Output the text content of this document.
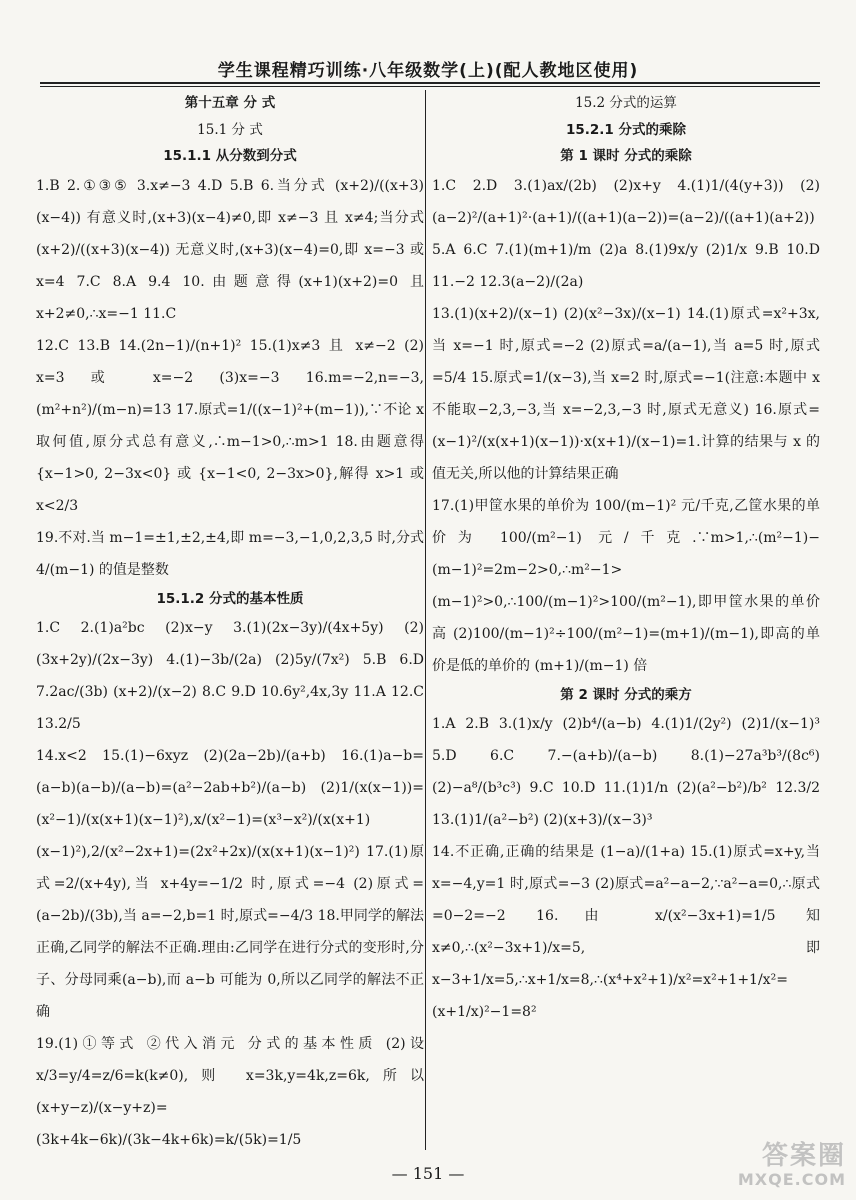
学生课程精巧训练·八年级数学(上)(配人教地区使用)

第十五章 分 式

15.1 分 式

15.1.1 从分数到分式

1.B 2.①③⑤ 3.x≠−3 4.D 5.B 6.当分式 (x+2)/((x+3)(x−4)) 有意义时,(x+3)(x−4)≠0,即 x≠−3 且 x≠4;当分式 (x+2)/((x+3)(x−4)) 无意义时,(x+3)(x−4)=0,即 x=−3 或 x=4 7.C 8.A 9.4 10.由题意得(x+1)(x+2)=0 且 x+2≠0,∴x=−1 11.C

12.C 13.B 14.(2n−1)/(n+1)² 15.(1)x≠3 且 x≠−2 (2) x=3 或 x=−2 (3)x=−3 16.m=−2,n=−3,(m²+n²)/(m−n)=13 17.原式=1/((x−1)²+(m−1)),∵不论 x 取何值,原分式总有意义,∴m−1>0,∴m>1 18.由题意得{x−1>0, 2−3x<0} 或 {x−1<0, 2−3x>0},解得 x>1 或 x<2/3

19.不对.当 m−1=±1,±2,±4,即 m=−3,−1,0,2,3,5 时,分式 4/(m−1) 的值是整数

15.1.2 分式的基本性质

1.C 2.(1)a²bc (2)x−y 3.(1)(2x−3y)/(4x+5y) (2)(3x+2y)/(2x−3y) 4.(1)−3b/(2a) (2)5y/(7x²) 5.B 6.D 7.2ac/(3b) (x+2)/(x−2) 8.C 9.D 10.6y²,4x,3y 11.A 12.C 13.2/5

14.x<2 15.(1)−6xyz (2)(2a−2b)/(a+b) 16.(1)a−b=(a−b)(a−b)/(a−b)=(a²−2ab+b²)/(a−b) (2)1/(x(x−1))=(x²−1)/(x(x+1)(x−1)²),x/(x²−1)=(x³−x²)/(x(x+1)(x−1)²),2/(x²−2x+1)=(2x²+2x)/(x(x+1)(x−1)²) 17.(1)原式=2/(x+4y),当 x+4y=−1/2 时,原式=−4 (2)原式=(a−2b)/(3b),当 a=−2,b=1 时,原式=−4/3 18.甲同学的解法正确,乙同学的解法不正确.理由:乙同学在进行分式的变形时,分子、分母同乘(a−b),而 a−b 可能为 0,所以乙同学的解法不正确

19.(1)①等式 ②代入消元 分式的基本性质 (2)设 x/3=y/4=z/6=k(k≠0),则 x=3k,y=4k,z=6k,所以 (x+y−z)/(x−y+z)=(3k+4k−6k)/(3k−4k+6k)=k/(5k)=1/5

15.2 分式的运算

15.2.1 分式的乘除

第 1 课时 分式的乘除

1.C 2.D 3.(1)ax/(2b) (2)x+y 4.(1)1/(4(y+3)) (2)(a−2)²/(a+1)²·(a+1)/((a+1)(a−2))=(a−2)/((a+1)(a+2)) 5.A 6.C 7.(1)(m+1)/m (2)a 8.(1)9x/y (2)1/x 9.B 10.D 11.−2 12.3(a−2)/(2a)

13.(1)(x+2)/(x−1) (2)(x²−3x)/(x−1) 14.(1)原式=x²+3x,当 x=−1 时,原式=−2 (2)原式=a/(a−1),当 a=5 时,原式=5/4 15.原式=1/(x−3),当 x=2 时,原式=−1(注意:本题中 x 不能取−2,3,−3,当 x=−2,3,−3 时,原式无意义) 16.原式=(x−1)²/(x(x+1)(x−1))·x(x+1)/(x−1)=1.计算的结果与 x 的值无关,所以他的计算结果正确

17.(1)甲筐水果的单价为 100/(m−1)² 元/千克,乙筐水果的单价为 100/(m²−1) 元/千克.∵m>1,∴(m²−1)−(m−1)²=2m−2>0,∴m²−1>(m−1)²>0,∴100/(m−1)²>100/(m²−1),即甲筐水果的单价高 (2)100/(m−1)²÷100/(m²−1)=(m+1)/(m−1),即高的单价是低的单价的 (m+1)/(m−1) 倍

第 2 课时 分式的乘方

1.A 2.B 3.(1)x/y (2)b⁴/(a−b) 4.(1)1/(2y²) (2)1/(x−1)³ 5.D 6.C 7.−(a+b)/(a−b) 8.(1)−27a³b³/(8c⁶) (2)−a⁸/(b³c³) 9.C 10.D 11.(1)1/n (2)(a²−b²)/b² 12.3/2 13.(1)1/(a²−b²) (2)(x+3)/(x−3)³

14.不正确,正确的结果是 (1−a)/(1+a) 15.(1)原式=x+y,当 x=−4,y=1 时,原式=−3 (2)原式=a²−a−2,∵a²−a=0,∴原式=0−2=−2 16.由 x/(x²−3x+1)=1/5 知 x≠0,∴(x²−3x+1)/x=5,即 x−3+1/x=5,∴x+1/x=8,∴(x⁴+x²+1)/x²=x²+1+1/x²=(x+1/x)²−1=8²

— 151 —
答案圈
MXQE.COM
